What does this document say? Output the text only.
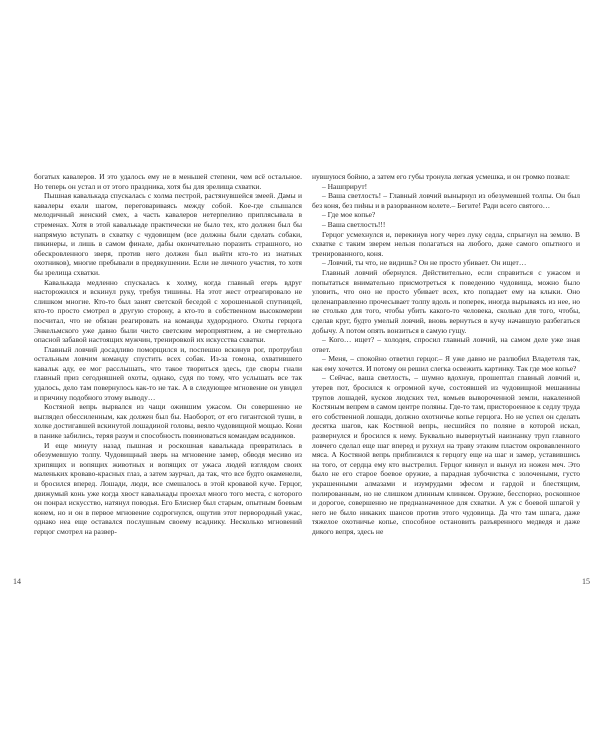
богатых кавалеров. И это удалось ему не в меньшей степени, чем всё остальное. Но теперь он устал и от этого праздника, хотя бы для зрелища схватки.

Пышная кавалькада спускалась с холма пестрой, растянувшейся змеей. Дамы и кавалеры ехали шагом, переговариваясь между собой. Кое-где слышался мелодичный женский смех, а часть кавалеров нетерпеливо приплясывала в стременах. Хотя в этой кавалькаде практически не было тех, кто должен был бы напрямую вступать в схватку с чудовищем (все должны были сделать собаки, пикинеры, и лишь в самом финале, дабы окончательно поразить страшного, но обескровленного зверя, против него должен был выйти кто-то из знатных охотников), многие пребывали в предвкушении. Если не личного участия, то хотя бы зрелища схватки.

Кавалькада медленно спускалась к холму, когда главный егерь вдруг насторожился и вскинул руку, требуя тишины. На этот жест отреагировало не слишком многие. Кто-то был занят светской беседой с хорошенькой спутницей, кто-то просто смотрел в другую сторону, а кто-то в собственном высокомерии посчитал, что не обязан реагировать на команды худородного. Охоты герцога Энкельмского уже давно были чисто светским мероприятием, а не смертельно опасной забавой настоящих мужчин, тренировкой их искусства схватки.

Главный ловчий досадливо поморщился и, поспешно вскинув рог, протрубил остальным ловчим команду спустить всех собак. Из-за гомона, охватившего кавальк аду, ее мог расслышать, что такое твориться здесь, где своры гнали главный приз сегодняшней охоты, однако, судя по тому, что услышать все так удалось, дело там повернулось как-то не так. А в следующее мгновение он увидел и причину подобного этому выводу…

Костяной вепрь вырвался из чащи ожившим ужасом. Он совершенно не выглядел обессиленным, как должен был бы. Наоборот, от его гигантской туши, в холке достигавшей вскинутой лошадиной головы, веяло чудовищной мощью. Кони в панике забились, теряя разум и способность повиноваться командам всадников.

И еще минуту назад пышная и роскошная кавалькада превратилась в обезумевшую толпу. Чудовищный зверь на мгновение замер, обводя месиво из хрипящих и вопящих животных и вопящих от ужаса людей взглядом своих маленьких кроваво-красных глаз, а затем заурчал, да так, что все будто окаменели, и бросился вперед. Лошади, люди, все смешалось в этой кровавой куче. Герцог, движумый конь уже когда хвост кавалькады проехал много того места, с которого он понрал искусство, натянул поводья. Его Блиснер был старым, опытным боевым конем, но и он в первое мгновение содрогнулся, ощутив этот первородный ужас, однако неа еще оставался послушным своему всаднику. Несколько мгновений герцог смотрел на развер-

14

нувшуюся бойню, а затем его губы тронула легкая усмешка, и он громко позвал:

– Нашприрут!

– Ваша светлость! – Главный ловчий вынырнул из обезумевшей толпы. Он был без коня, без пиłны и в разорванном колете.– Бегите! Ради всего святого…

– Где мое копье?

– Ваша светлость!!!

Герцог усмехнулся и, перекинув ногу через луку седла, спрыгнул на землю. В схватке с таким зверем нельзя полагаться на любого, даже самого опытного и тренированного, коня.

– Ловчий, ты что, не видишь? Он не просто убивает. Он ищет…

Главный ловчий обернулся. Действительно, если справиться с ужасом и попытаться внимательно присмотреться к поведению чудовища, можно было уловить, что оно не просто убивает всех, кто попадает ему на клыки. Оно целенаправленно прочесывает толпу вдоль и поперек, иногда вырываясь из нее, но не столько для того, чтобы убить какого-то человека, сколько для того, чтобы, сделав круг, будто умелый ловчий, вновь вернуться в кучу начавшую разбегаться добычу. А потом опять вонзиться в самую гущу.

– Кого… ищет? – холодея, спросил главный ловчий, на самом деле уже зная ответ.

– Меня, – спокойно ответил герцог.– Я уже давно не разлюбил Владетеля так, как ему хочется. И потому он решил слегка освежить картинку. Так где мое копье?

– Сейчас, ваша светлость, – шумно вдохнув, прошептал главный ловчий и, утерев пот, бросился к огромной куче, состоявшей из чудовищной мешанины трупов лошадей, кусков людских тел, комьев вывороченной земли, накаленной Костяным вепрем в самом центре поляны. Где-то там, пристороенное к седлу труда его собственной лошади, должно охотничье копье герцога. Но не успел он сделать десятка шагов, как Костяной вепрь, несшийся по поляне в которой искал, развернулся и бросился к нему. Буквально вывернутый наизнанку труп главного ловчего сделал еще шаг вперед и рухнул на траву этаким пластом окровавленного мяса. А Костяной вепрь приблизился к герцогу еще на шаг и замер, уставившись на того, от сердца ему кто выстрелил. Герцог кивнул и вынул из ножен меч. Это было не его старое боевое оружие, а парадная зубочистка с золочеными, густо украшенными алмазами и изумрудами эфесом и гардой и блестящим, полированным, но не слишком длинным клинком. Оружие, бесспорно, роскошное и дорогое, совершенно не предназначенное для схватки. А уж с боевой шпагой у него не было никаких шансов против этого чудовища. Да что там шпага, даже тяжелое охотничье копье, способное остановить разъяренного медведя и даже дикого вепря, здесь не

15
